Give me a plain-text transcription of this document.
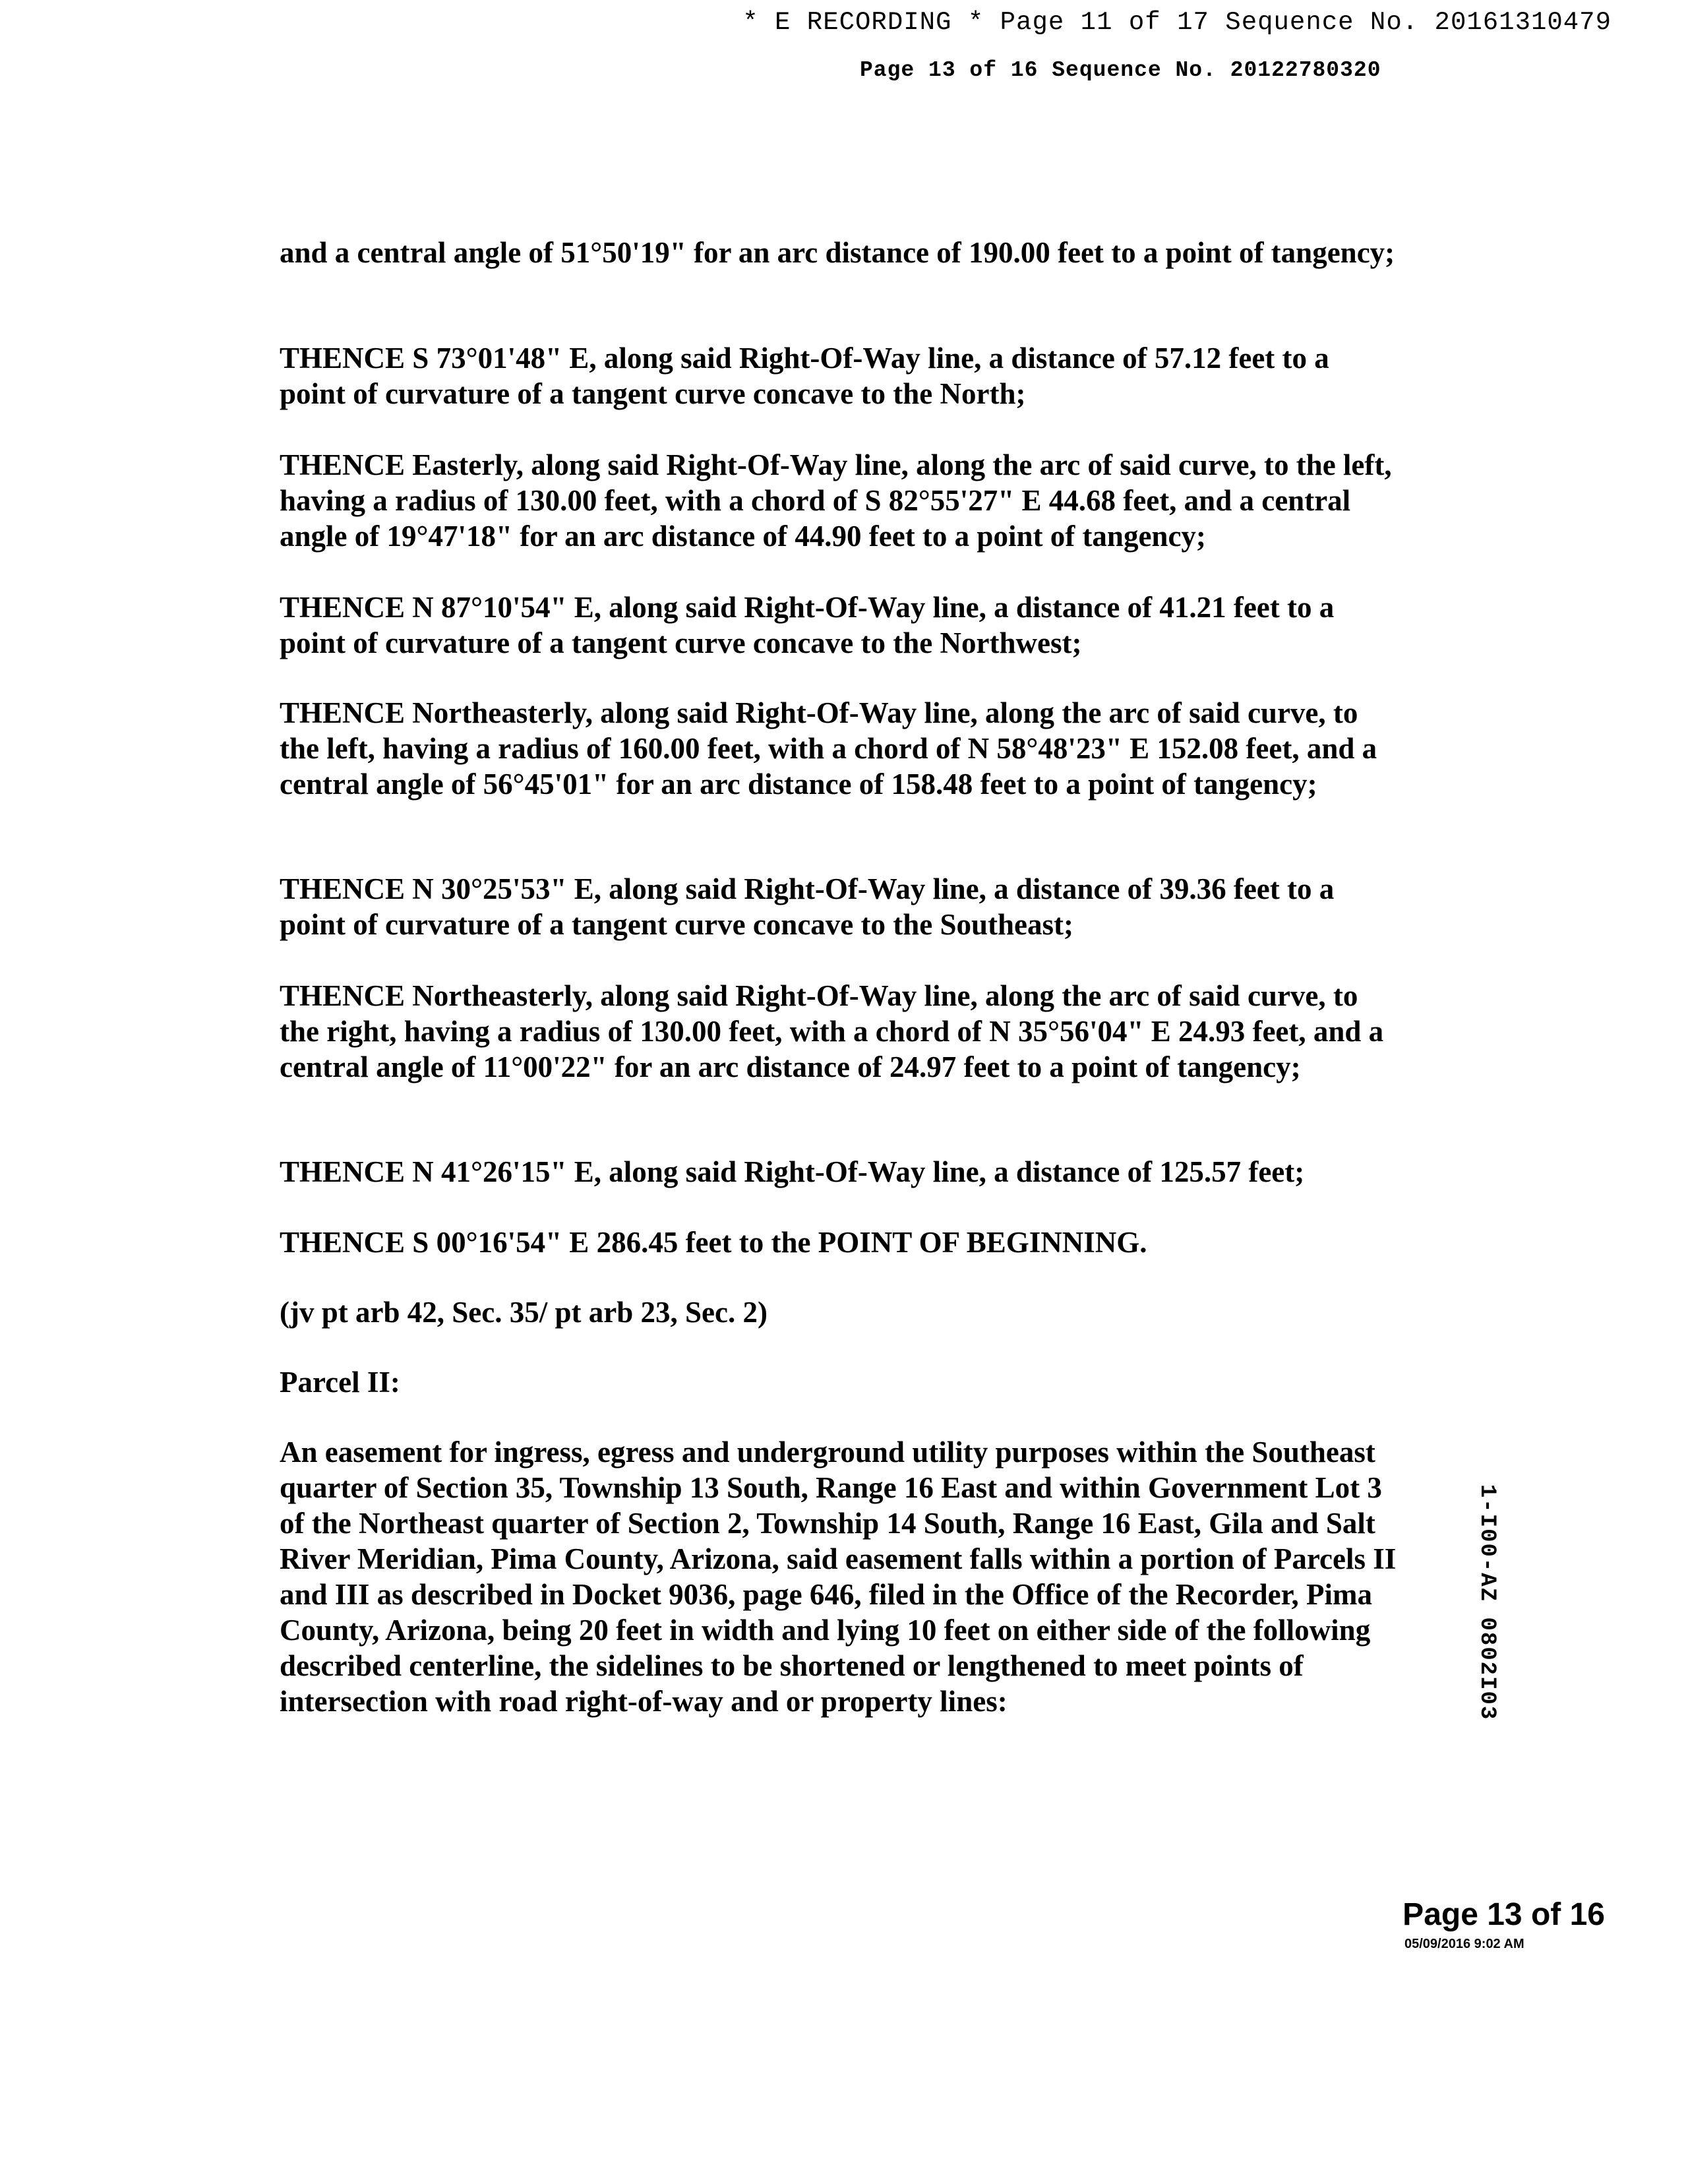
* E RECORDING * Page 11 of 17 Sequence No. 20161310479
Page 13 of 16 Sequence No. 20122780320

and a central angle of 51°50'19" for an arc distance of 190.00 feet to a point of tangency;

THENCE S 73°01'48" E, along said Right-Of-Way line, a distance of 57.12 feet to a point of curvature of a tangent curve concave to the North;

THENCE Easterly, along said Right-Of-Way line, along the arc of said curve, to the left, having a radius of 130.00 feet, with a chord of S 82°55'27" E 44.68 feet, and a central angle of 19°47'18" for an arc distance of 44.90 feet to a point of tangency;

THENCE N 87°10'54" E, along said Right-Of-Way line, a distance of 41.21 feet to a point of curvature of a tangent curve concave to the Northwest;

THENCE Northeasterly, along said Right-Of-Way line, along the arc of said curve, to the left, having a radius of 160.00 feet, with a chord of N 58°48'23" E 152.08 feet, and a central angle of 56°45'01" for an arc distance of 158.48 feet to a point of tangency;

THENCE N 30°25'53" E, along said Right-Of-Way line, a distance of 39.36 feet to a point of curvature of a tangent curve concave to the Southeast;

THENCE Northeasterly, along said Right-Of-Way line, along the arc of said curve, to the right, having a radius of 130.00 feet, with a chord of N 35°56'04" E 24.93 feet, and a central angle of 11°00'22" for an arc distance of 24.97 feet to a point of tangency;

THENCE N 41°26'15" E, along said Right-Of-Way line, a distance of 125.57 feet;

THENCE S 00°16'54" E 286.45 feet to the POINT OF BEGINNING.

(jv pt arb 42, Sec. 35/ pt arb 23, Sec. 2)

Parcel II:

An easement for ingress, egress and underground utility purposes within the Southeast quarter of Section 35, Township 13 South, Range 16 East and within Government Lot 3 of the Northeast quarter of Section 2, Township 14 South, Range 16 East, Gila and Salt River Meridian, Pima County, Arizona, said easement falls within a portion of Parcels II and III as described in Docket 9036, page 646, filed in the Office of the Recorder, Pima County, Arizona, being 20 feet in width and lying 10 feet on either side of the following described centerline, the sidelines to be shortened or lengthened to meet points of intersection with road right-of-way and or property lines:	1-I00-AZ 0802I03
Page 13 of 16
05/09/2016 9:02 AM
